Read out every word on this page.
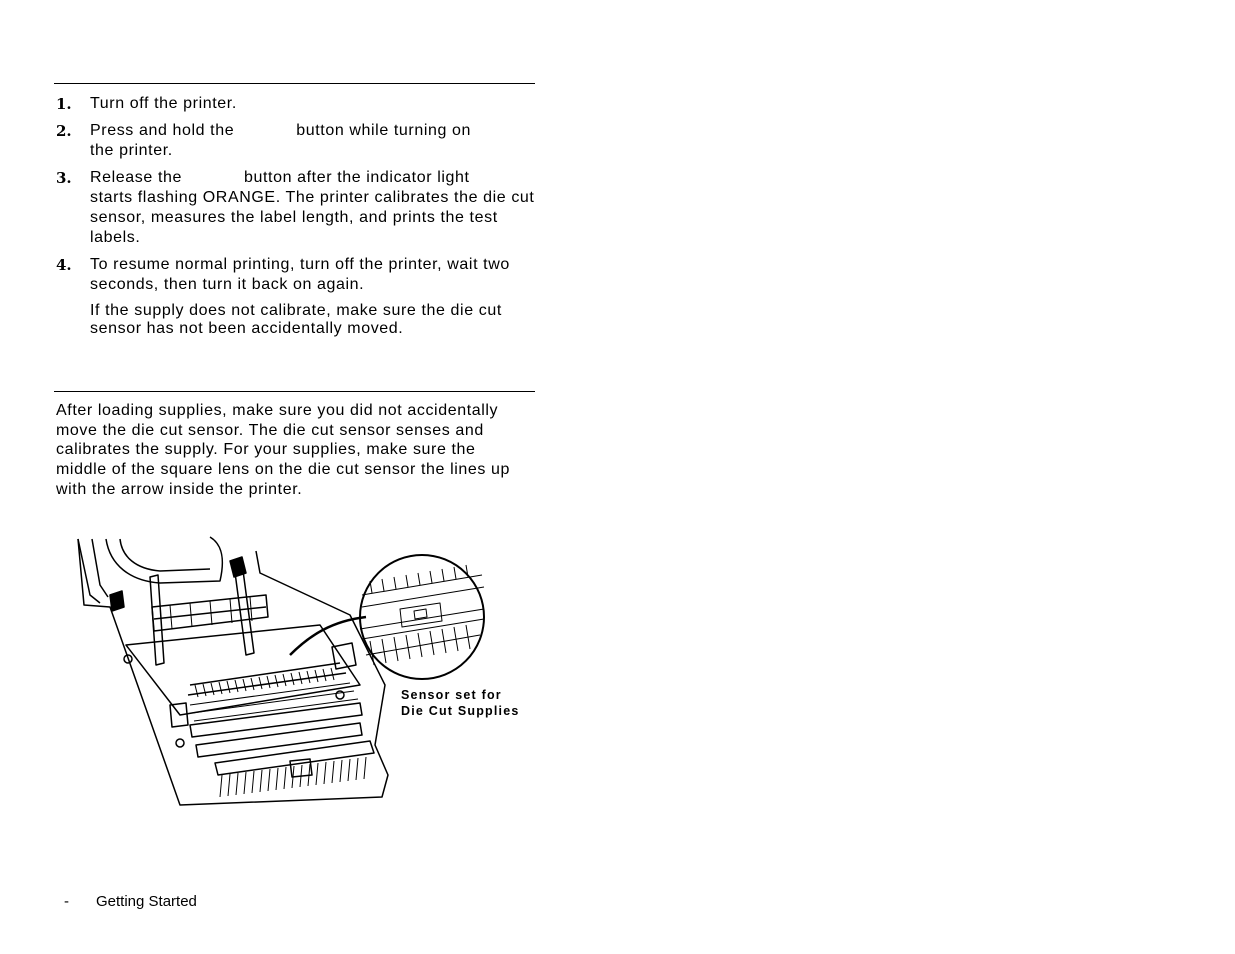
1. Turn off the printer.
2. Press and hold the	button while turning on
the printer.
3. Release the	button after the indicator light
starts flashing ORANGE. The printer calibrates the die cut sensor, measures the label length, and prints the test labels.
4. To resume normal printing, turn off the printer, wait two seconds, then turn it back on again.
If the supply does not calibrate, make sure the die cut sensor has not been accidentally moved.
After loading supplies, make sure you did not accidentally move the die cut sensor. The die cut sensor senses and calibrates the supply. For your supplies, make sure the middle of the square lens on the die cut sensor the lines up with the arrow inside the printer.
Sensor set for
Die Cut Supplies
- Getting Started
